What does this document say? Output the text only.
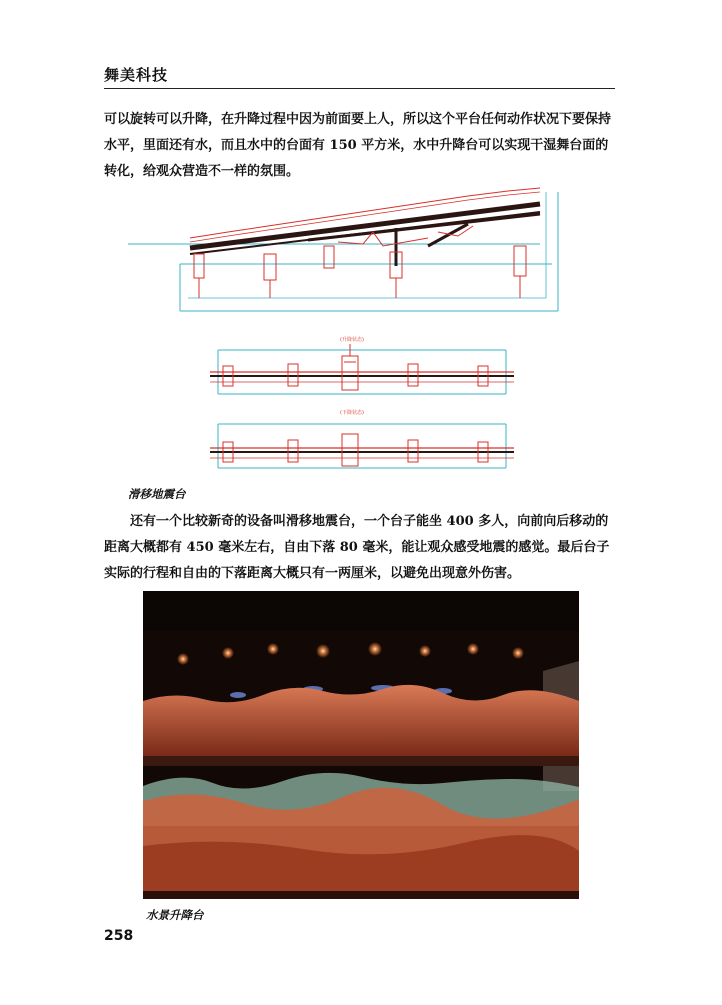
舞美科技

可以旋转可以升降，在升降过程中因为前面要上人，所以这个平台任何动作状况下要保持水平，里面还有水，而且水中的台面有 150 平方米，水中升降台可以实现干湿舞台面的转化，给观众营造不一样的氛围。

(升降状态)
(下降状态)
滑移地震台

还有一个比较新奇的设备叫滑移地震台，一个台子能坐 400 多人，向前向后移动的距离大概都有 450 毫米左右，自由下落 80 毫米，能让观众感受地震的感觉。最后台子实际的行程和自由的下落距离大概只有一两厘米，以避免出现意外伤害。

水景升降台
258
